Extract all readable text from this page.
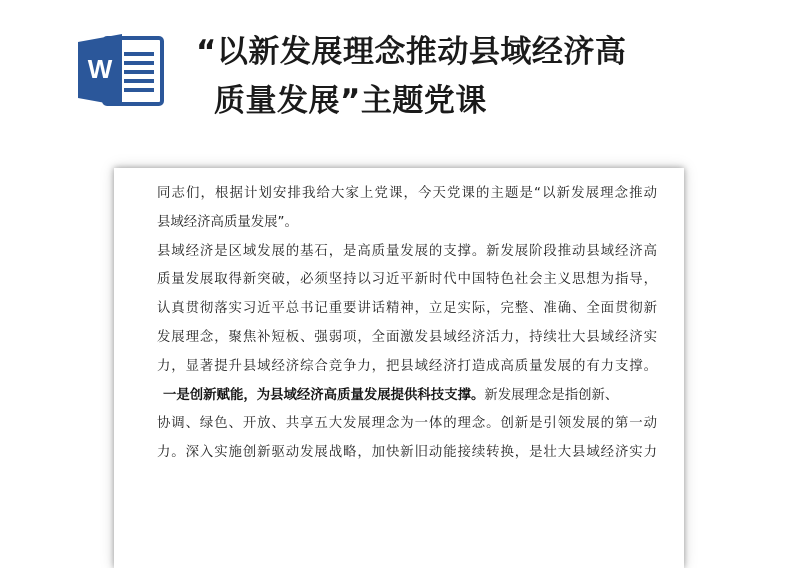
W	“以新发展理念推动县域经济高
质量发展”主题党课
同志们，根据计划安排我给大家上党课，今天党课的主题是“以新发展理念推动
县域经济高质量发展”。
县域经济是区域发展的基石，是高质量发展的支撑。新发展阶段推动县域经济高
质量发展取得新突破，必须坚持以习近平新时代中国特色社会主义思想为指导，
认真贯彻落实习近平总书记重要讲话精神，立足实际，完整、准确、全面贯彻新
发展理念，聚焦补短板、强弱项，全面激发县域经济活力，持续壮大县域经济实
力，显著提升县域经济综合竞争力，把县域经济打造成高质量发展的有力支撑。
一是创新赋能，为县域经济高质量发展提供科技支撑。新发展理念是指创新、
协调、绿色、开放、共享五大发展理念为一体的理念。创新是引领发展的第一动
力。深入实施创新驱动发展战略，加快新旧动能接续转换，是壮大县域经济实力
